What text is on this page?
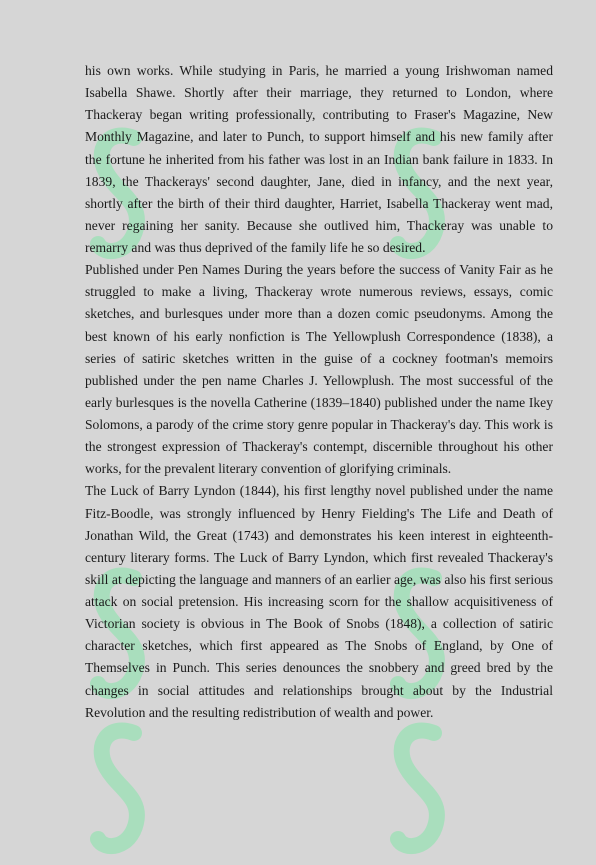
his own works. While studying in Paris, he married a young Irishwoman named Isabella Shawe. Shortly after their marriage, they returned to London, where Thackeray began writing professionally, contributing to Fraser's Magazine, New Monthly Magazine, and later to Punch, to support himself and his new family after the fortune he inherited from his father was lost in an Indian bank failure in 1833. In 1839, the Thackerays' second daughter, Jane, died in infancy, and the next year, shortly after the birth of their third daughter, Harriet, Isabella Thackeray went mad, never regaining her sanity. Because she outlived him, Thackeray was unable to remarry and was thus deprived of the family life he so desired.

Published under Pen Names During the years before the success of Vanity Fair as he struggled to make a living, Thackeray wrote numerous reviews, essays, comic sketches, and burlesques under more than a dozen comic pseudonyms. Among the best known of his early nonfiction is The Yellowplush Correspondence (1838), a series of satiric sketches written in the guise of a cockney footman's memoirs published under the pen name Charles J. Yellowplush. The most successful of the early burlesques is the novella Catherine (1839–1840) published under the name Ikey Solomons, a parody of the crime story genre popular in Thackeray's day. This work is the strongest expression of Thackeray's contempt, discernible throughout his other works, for the prevalent literary convention of glorifying criminals.

The Luck of Barry Lyndon (1844), his first lengthy novel published under the name Fitz-Boodle, was strongly influenced by Henry Fielding's The Life and Death of Jonathan Wild, the Great (1743) and demonstrates his keen interest in eighteenth-century literary forms. The Luck of Barry Lyndon, which first revealed Thackeray's skill at depicting the language and manners of an earlier age, was also his first serious attack on social pretension. His increasing scorn for the shallow acquisitiveness of Victorian society is obvious in The Book of Snobs (1848), a collection of satiric character sketches, which first appeared as The Snobs of England, by One of Themselves in Punch. This series denounces the snobbery and greed bred by the changes in social attitudes and relationships brought about by the Industrial Revolution and the resulting redistribution of wealth and power.
